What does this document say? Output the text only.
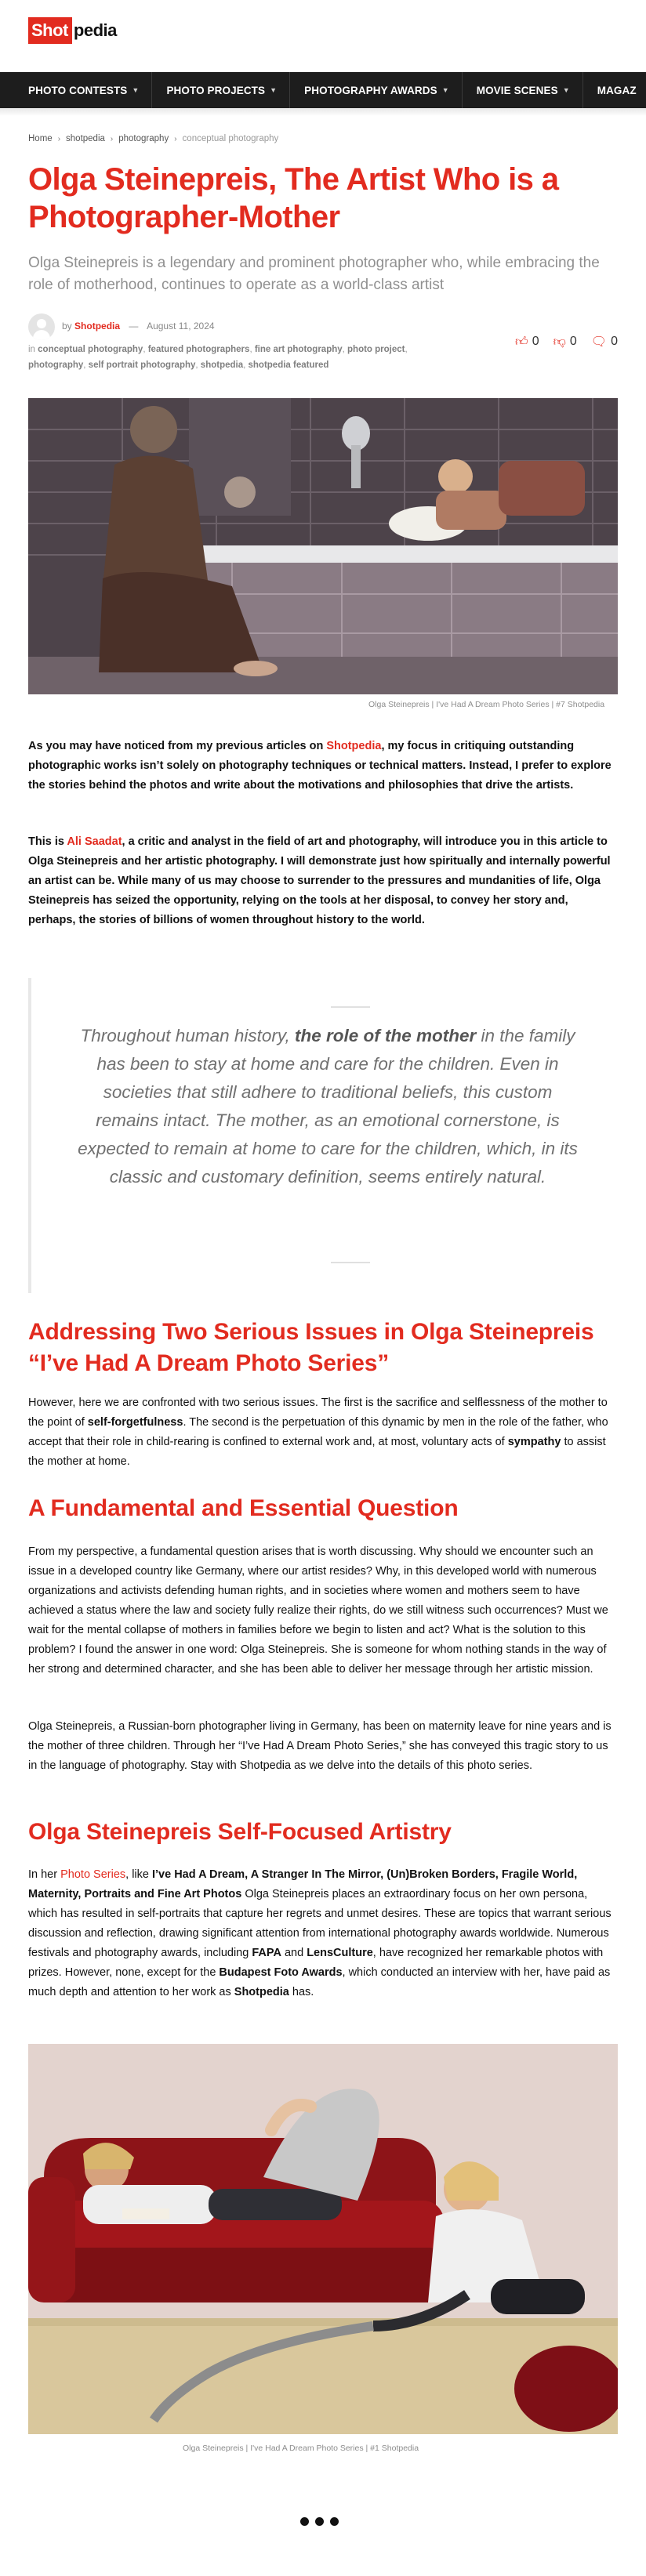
Shot pedia
PHOTO CONTESTS ▼	PHOTO PROJECTS ▼	PHOTOGRAPHY AWARDS ▼	MOVIE SCENES ▼	MAGAZ
Home › shotpedia › photography › conceptual photography
Olga Steinepreis, The Artist Who is a Photographer-Mother
Olga Steinepreis is a legendary and prominent photographer who, while embracing the role of motherhood, continues to operate as a world-class artist
by Shotpedia — August 11, 2024
in conceptual photography, featured photographers, fine art photography, photo project, photography, self portrait photography, shotpedia, shotpedia featured
👍︎ 0 👎︎ 0 🗨︎ 0
Olga Steinepreis | I've Had A Dream Photo Series | #7 Shotpedia

As you may have noticed from my previous articles on Shotpedia, my focus in critiquing outstanding photographic works isn’t solely on photography techniques or technical matters. Instead, I prefer to explore the stories behind the photos and write about the motivations and philosophies that drive the artists.

This is Ali Saadat, a critic and analyst in the field of art and photography, will introduce you in this article to Olga Steinepreis and her artistic photography. I will demonstrate just how spiritually and internally powerful an artist can be. While many of us may choose to surrender to the pressures and mundanities of life, Olga Steinepreis has seized the opportunity, relying on the tools at her disposal, to convey her story and, perhaps, the stories of billions of women throughout history to the world.

Throughout human history, the role of the mother in the family has been to stay at home and care for the children. Even in societies that still adhere to traditional beliefs, this custom remains intact. The mother, as an emotional cornerstone, is expected to remain at home to care for the children, which, in its classic and customary definition, seems entirely natural.
Addressing Two Serious Issues in Olga Steinepreis “I’ve Had A Dream Photo Series”

However, here we are confronted with two serious issues. The first is the sacrifice and selflessness of the mother to the point of self-forgetfulness. The second is the perpetuation of this dynamic by men in the role of the father, who accept that their role in child-rearing is confined to external work and, at most, voluntary acts of sympathy to assist the mother at home.

A Fundamental and Essential Question

From my perspective, a fundamental question arises that is worth discussing. Why should we encounter such an issue in a developed country like Germany, where our artist resides? Why, in this developed world with numerous organizations and activists defending human rights, and in societies where women and mothers seem to have achieved a status where the law and society fully realize their rights, do we still witness such occurrences? Must we wait for the mental collapse of mothers in families before we begin to listen and act? What is the solution to this problem? I found the answer in one word: Olga Steinepreis. She is someone for whom nothing stands in the way of her strong and determined character, and she has been able to deliver her message through her artistic mission.

Olga Steinepreis, a Russian-born photographer living in Germany, has been on maternity leave for nine years and is the mother of three children. Through her “I’ve Had A Dream Photo Series,” she has conveyed this tragic story to us in the language of photography. Stay with Shotpedia as we delve into the details of this photo series.

Olga Steinepreis Self-Focused Artistry

In her Photo Series, like I’ve Had A Dream, A Stranger In The Mirror, (Un)Broken Borders, Fragile World, Maternity, Portraits and Fine Art Photos Olga Steinepreis places an extraordinary focus on her own persona, which has resulted in self-portraits that capture her regrets and unmet desires. These are topics that warrant serious discussion and reflection, drawing significant attention from international photography awards worldwide. Numerous festivals and photography awards, including FAPA and LensCulture, have recognized her remarkable photos with prizes. However, none, except for the Budapest Foto Awards, which conducted an interview with her, have paid as much depth and attention to her work as Shotpedia has.

Olga Steinepreis | I've Had A Dream Photo Series | #1 Shotpedia
